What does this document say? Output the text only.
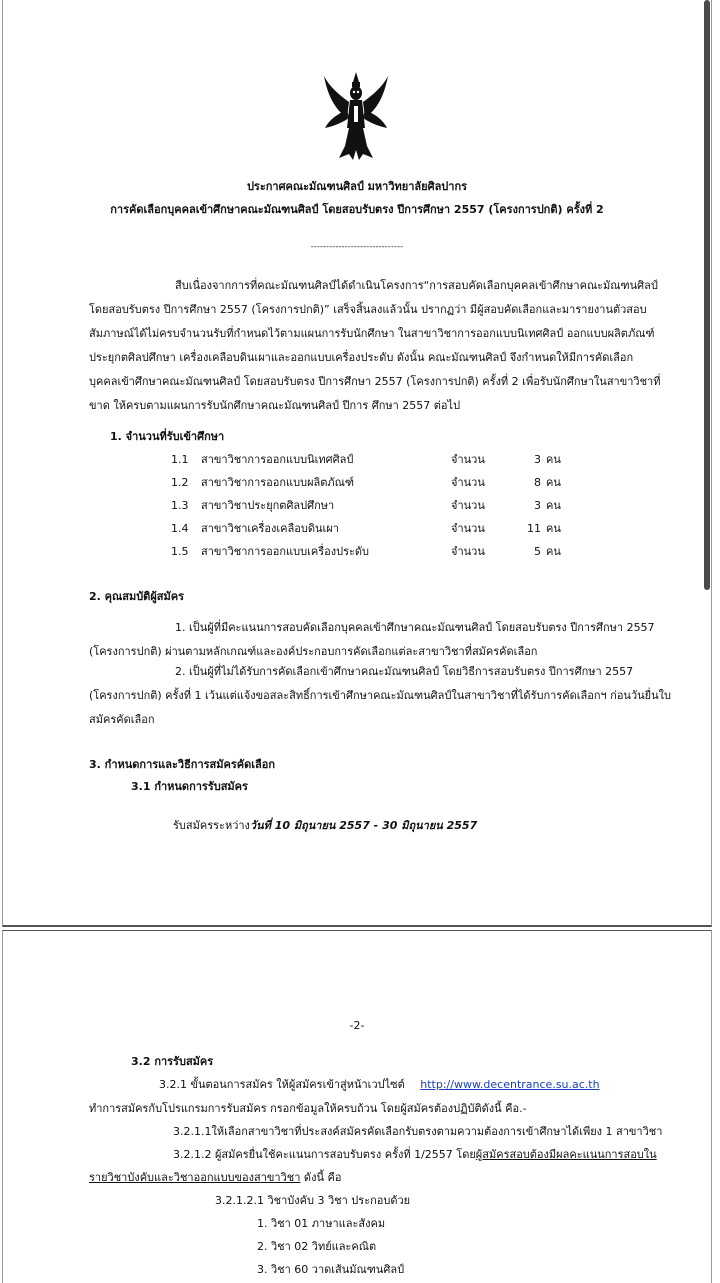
ประกาศคณะมัณฑนศิลป์ มหาวิทยาลัยศิลปากร
การคัดเลือกบุคคลเข้าศึกษาคณะมัณฑนศิลป์ โดยสอบรับตรง ปีการศึกษา 2557 (โครงการปกติ) ครั้งที่ 2
------------------------------
สืบเนื่องจากการที่คณะมัณฑนศิลป์ได้ดำเนินโครงการ“การสอบคัดเลือกบุคคลเข้าศึกษาคณะมัณฑนศิลป์
โดยสอบรับตรง ปีการศึกษา 2557 (โครงการปกติ)” เสร็จสิ้นลงแล้วนั้น ปรากฏว่า มีผู้สอบคัดเลือกและมารายงานตัวสอบ
สัมภาษณ์ได้ไม่ครบจำนวนรับที่กำหนดไว้ตามแผนการรับนักศึกษา ในสาขาวิชาการออกแบบนิเทศศิลป์ ออกแบบผลิตภัณฑ์
ประยุกตศิลปศึกษา เครื่องเคลือบดินเผาและออกแบบเครื่องประดับ ดังนั้น คณะมัณฑนศิลป์ จึงกำหนดให้มีการคัดเลือก
บุคคลเข้าศึกษาคณะมัณฑนศิลป์ โดยสอบรับตรง ปีการศึกษา 2557 (โครงการปกติ) ครั้งที่ 2 เพื่อรับนักศึกษาในสาขาวิชาที่
ขาด ให้ครบตามแผนการรับนักศึกษาคณะมัณฑนศิลป์ ปีการ ศึกษา 2557 ต่อไป
1. จำนวนที่รับเข้าศึกษา
1.1 สาขาวิชาการออกแบบนิเทศศิลป์	จำนวน	3 คน
1.2 สาขาวิชาการออกแบบผลิตภัณฑ์	จำนวน	8 คน
1.3 สาขาวิชาประยุกตศิลปศึกษา	จำนวน	3 คน
1.4 สาขาวิชาเครื่องเคลือบดินเผา	จำนวน	11 คน
1.5 สาขาวิชาการออกแบบเครื่องประดับ	จำนวน	5 คน
2. คุณสมบัติผู้สมัคร
1. เป็นผู้ที่มีคะแนนการสอบคัดเลือกบุคคลเข้าศึกษาคณะมัณฑนศิลป์ โดยสอบรับตรง ปีการศึกษา 2557
(โครงการปกติ) ผ่านตามหลักเกณฑ์และองค์ประกอบการคัดเลือกแต่ละสาขาวิชาที่สมัครคัดเลือก
2. เป็นผู้ที่ไม่ได้รับการคัดเลือกเข้าศึกษาคณะมัณฑนศิลป์ โดยวิธีการสอบรับตรง ปีการศึกษา 2557
(โครงการปกติ) ครั้งที่ 1 เว้นแต่แจ้งขอสละสิทธิ์การเข้าศึกษาคณะมัณฑนศิลป์ในสาขาวิชาที่ได้รับการคัดเลือกฯ ก่อนวันยื่นใบ
สมัครคัดเลือก
3. กำหนดการและวิธีการสมัครคัดเลือก
3.1 กำหนดการรับสมัคร
รับสมัครระหว่างวันที่ 10 มิถุนายน 2557 - 30 มิถุนายน 2557
-2-
3.2 การรับสมัคร
3.2.1 ขั้นตอนการสมัคร ให้ผู้สมัครเข้าสู่หน้าเวปไซต์ http://www.decentrance.su.ac.th
ทำการสมัครกับโปรแกรมการรับสมัคร กรอกข้อมูลให้ครบถ้วน โดยผู้สมัครต้องปฏิบัติดังนี้ คือ.-
3.2.1.1ให้เลือกสาขาวิชาที่ประสงค์สมัครคัดเลือกรับตรงตามความต้องการเข้าศึกษาได้เพียง 1 สาขาวิชา
3.2.1.2 ผู้สมัครยื่นใช้คะแนนการสอบรับตรง ครั้งที่ 1/2557 โดยผู้สมัครสอบต้องมีผลคะแนนการสอบใน
รายวิชาบังคับและวิชาออกแบบของสาขาวิชา ดังนี้ คือ
3.2.1.2.1 วิชาบังคับ 3 วิชา ประกอบด้วย
1. วิชา 01 ภาษาและสังคม
2. วิชา 02 วิทย์และคณิต
3. วิชา 60 วาดเส้นมัณฑนศิลป์
